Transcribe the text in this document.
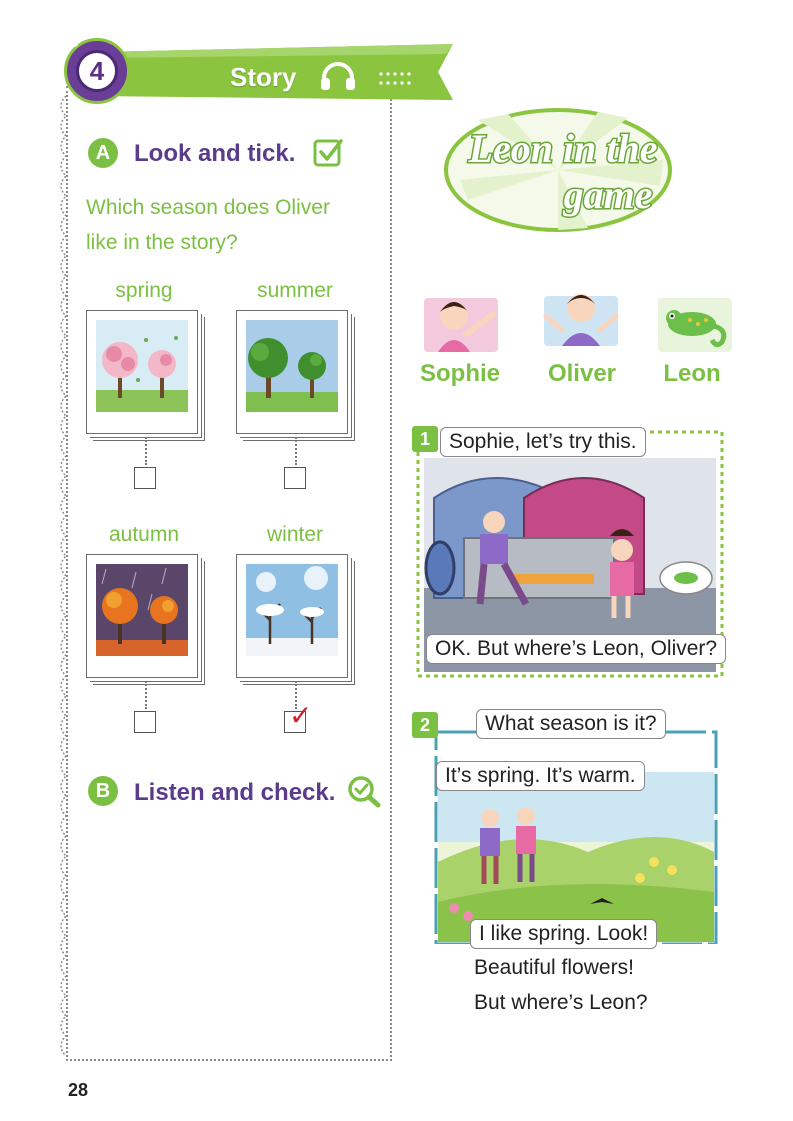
4
Unit
Story
A Look and tick.
Which season does Oliver like in the story?
spring	summer
autumn	winter
✓
B Listen and check.
Leon in the
game
Sophie	Oliver	Leon
1 Sophie, let’s try this.
OK. But where’s Leon, Oliver?
2	What season is it?
It’s spring. It’s warm.
I like spring. Look!
Beautiful flowers!
But where’s Leon?
28
